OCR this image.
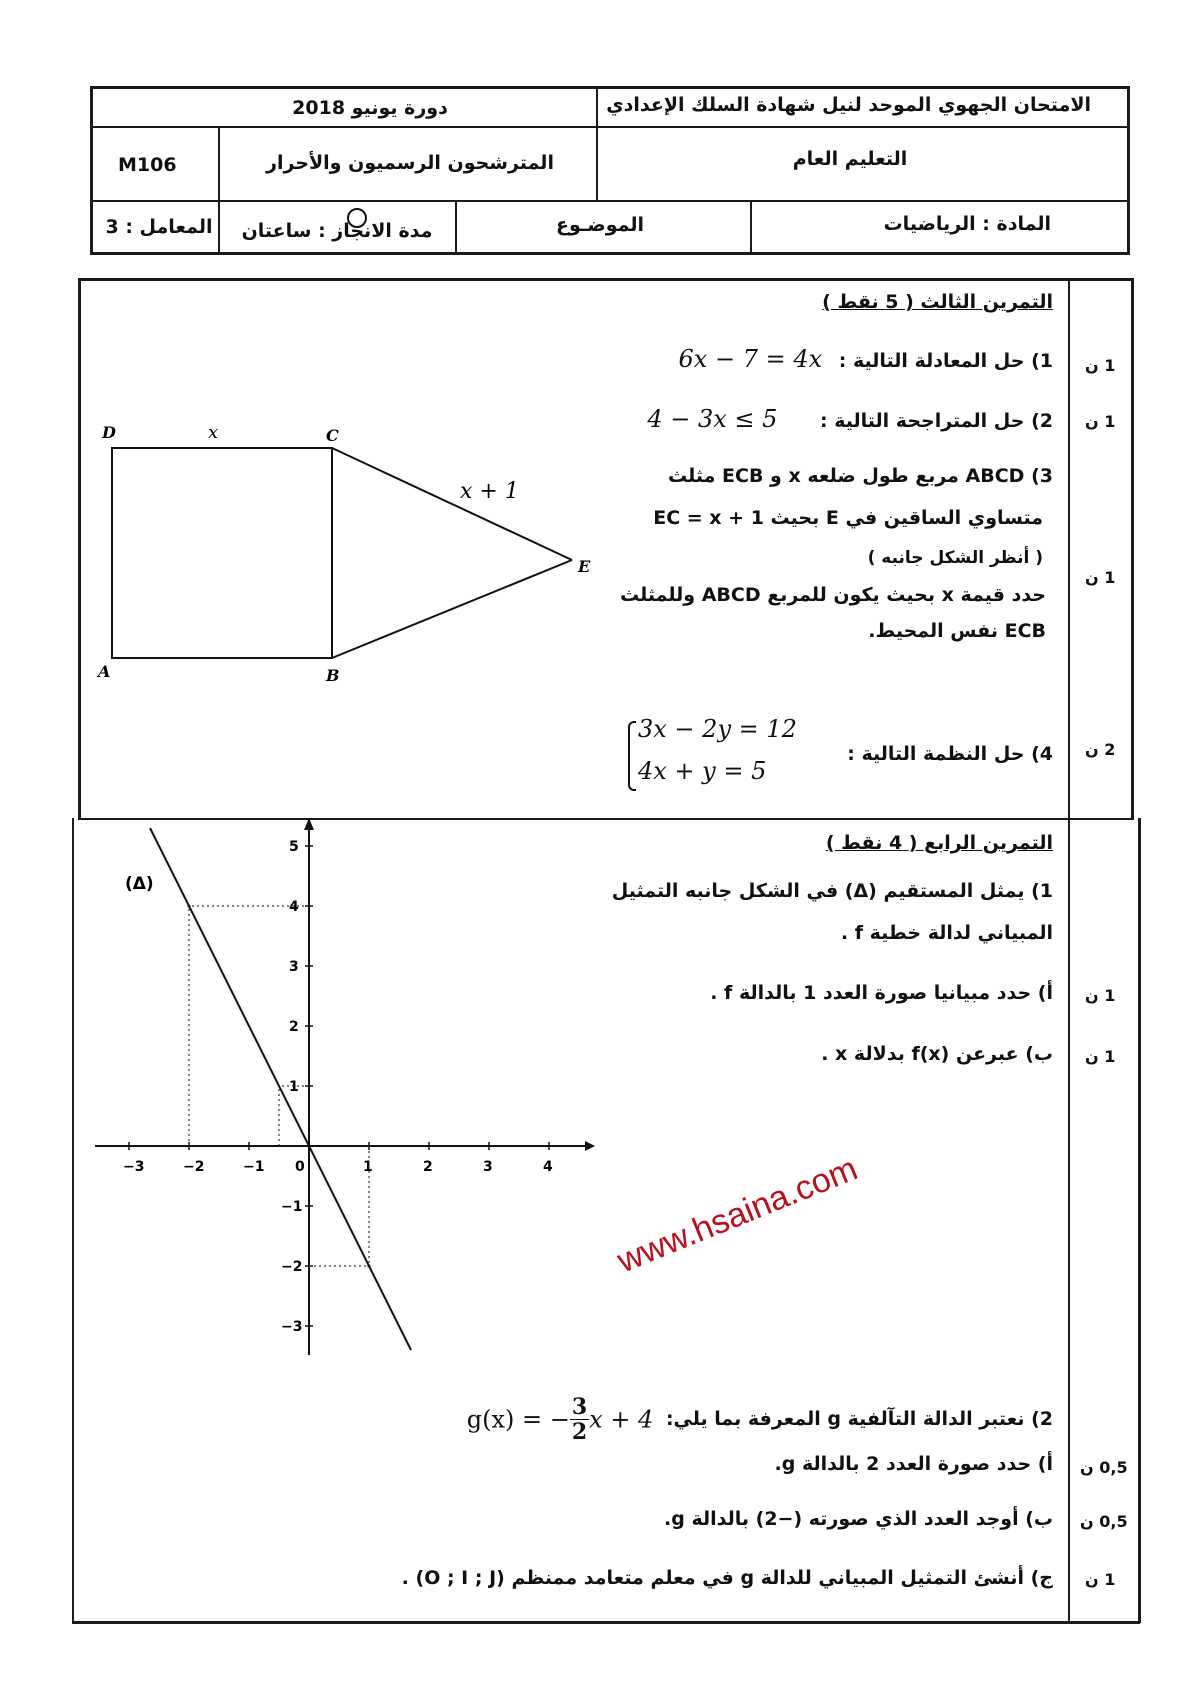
الامتحان الجهوي الموحد لنيل شهادة السلك الإعدادي
دورة يونيو 2018
التعليم العام
المترشحون الرسميون والأحرار
M106
المادة : الرياضيات
الموضـوع
مدة الانجاز : ساعتان
المعامل : 3
التمرين الثالث ( 5 نقط )
1) حل المعادلة التالية : 6x − 7 = 4x	1 ن
2) حل المتراجحة التالية : 4 − 3x ≤ 5	1 ن
3) ABCD مربع طول ضلعه x و ECB مثلث
متساوي الساقين في E بحيث EC = x + 1
( أنظر الشكل جانبه )
حدد قيمة x بحيث يكون للمربع ABCD وللمثلث
ECB نفس المحيط.
1 ن
4) حل النظمة التالية :
3x − 2y = 12
4x + y = 5
2 ن
D	C
A	B
E
x
x + 1
التمرين الرابع ( 4 نقط )
1) يمثل المستقيم (Δ) في الشكل جانبه التمثيل
المبياني لدالة خطية f .
أ) حدد مبيانيا صورة العدد 1 بالدالة f . 1 ن
ب) عبرعن f(x) بدلالة x . 1 ن
2) نعتبر الدالة التآلفية g المعرفة بما يلي: g(x) = − $\frac{3}{2}$ x + 4
أ) حدد صورة العدد 2 بالدالة g. 0,5 ن
ب) أوجد العدد الذي صورته (−2) بالدالة g. 0,5 ن
ج) أنشئ التمثيل المبياني للدالة g في معلم متعامد ممنظم (O ; I ; J) . 1 ن
−3	−2	−1 0	1	2	3	4
5
4
3
2
1
−1
−2
−3
(Δ)
www.hsaina.com
